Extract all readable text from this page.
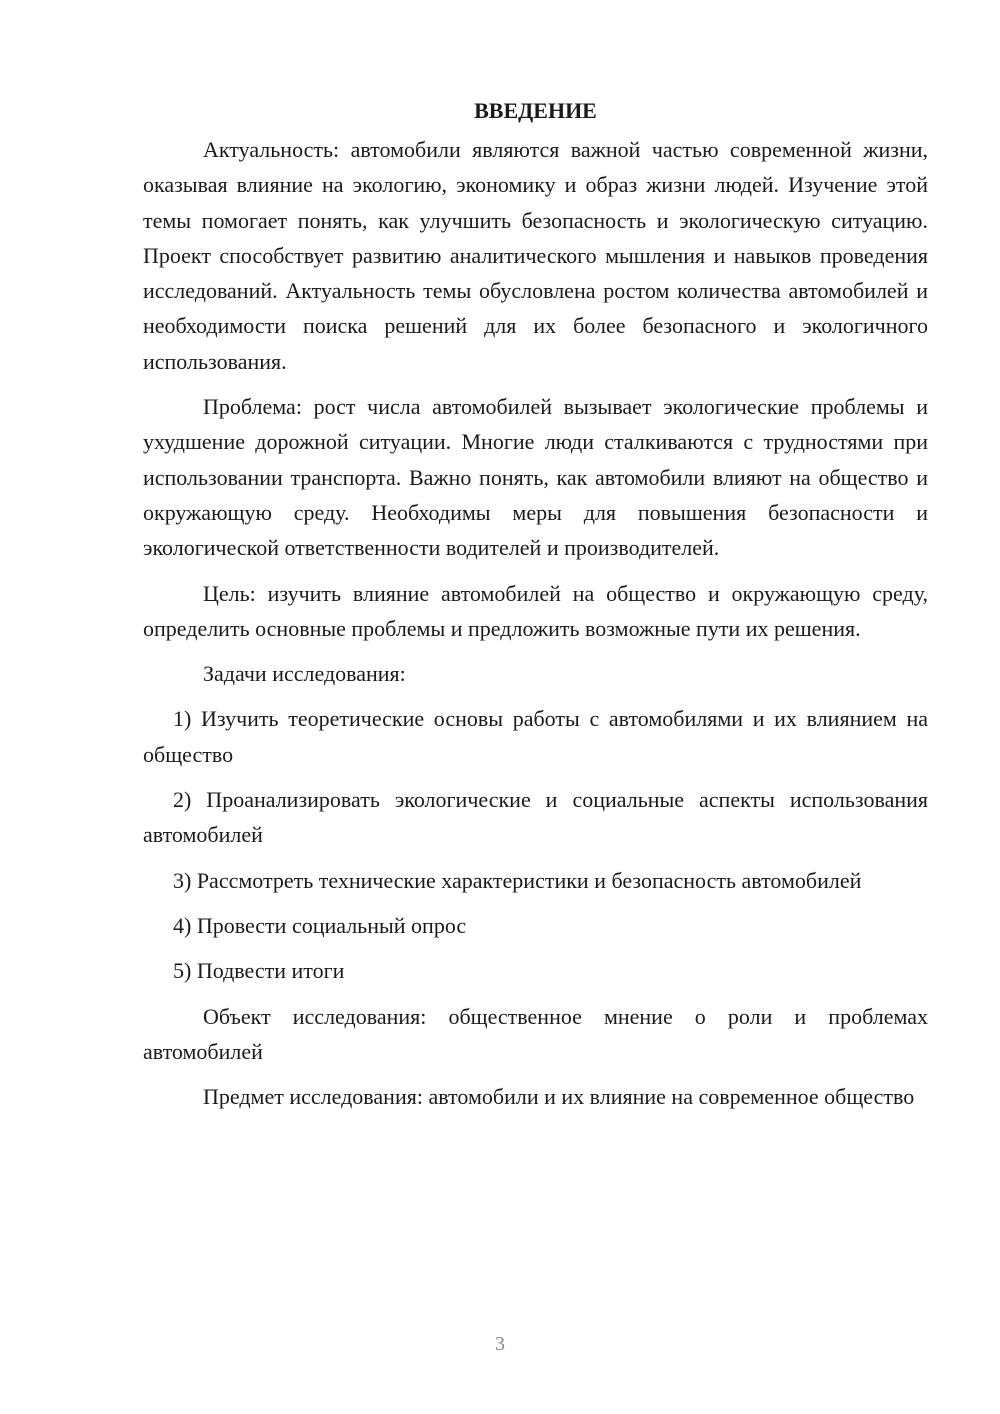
ВВЕДЕНИЕ

Актуальность: автомобили являются важной частью современной жизни, оказывая влияние на экологию, экономику и образ жизни людей. Изучение этой темы помогает понять, как улучшить безопасность и экологическую ситуацию. Проект способствует развитию аналитического мышления и навыков проведения исследований. Актуальность темы обусловлена ростом количества автомобилей и необходимости поиска решений для их более безопасного и экологичного использования.

Проблема: рост числа автомобилей вызывает экологические проблемы и ухудшение дорожной ситуации. Многие люди сталкиваются с трудностями при использовании транспорта. Важно понять, как автомобили влияют на общество и окружающую среду. Необходимы меры для повышения безопасности и экологической ответственности водителей и производителей.

Цель: изучить влияние автомобилей на общество и окружающую среду, определить основные проблемы и предложить возможные пути их решения.

Задачи исследования:

1) Изучить теоретические основы работы с автомобилями и их влиянием на общество

2) Проанализировать экологические и социальные аспекты использования автомобилей

3) Рассмотреть технические характеристики и безопасность автомобилей

4) Провести социальный опрос

5) Подвести итоги

Объект исследования: общественное мнение о роли и проблемах автомобилей

Предмет исследования: автомобили и их влияние на современное общество

3
